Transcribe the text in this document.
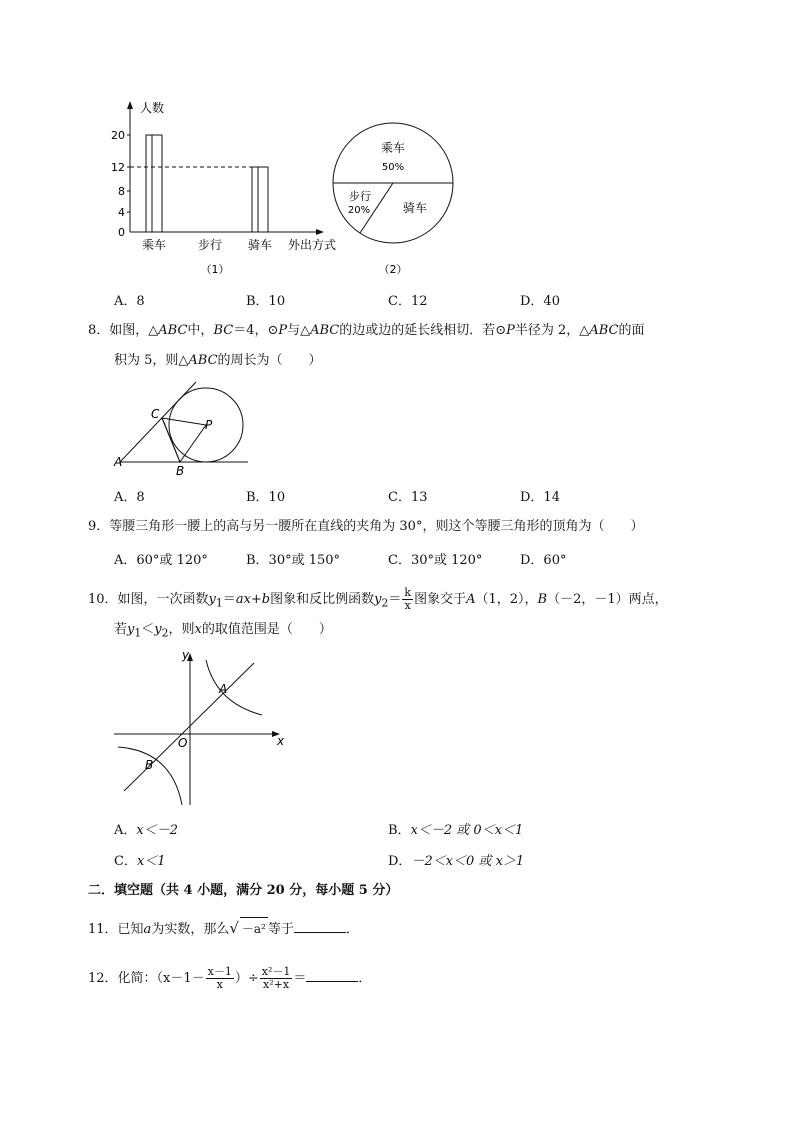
20
12
8
4
0
人数
乘车	步行 骑车 外出方式
（1）
乘车
50%
步行
20%	骑车
（2）
A．8	B．10	C．12	D．40
8．如图，△ABC中，BC＝4，⊙P与△ABC的边或边的延长线相切．若⊙P半径为 2，△ABC的面
积为 5，则△ABC的周长为（　　）
A
B
C
P
A．8	B．10	C．13	D．14
9．等腰三角形一腰上的高与另一腰所在直线的夹角为 30°，则这个等腰三角形的顶角为（　　）
A．60°或 120°	B．30°或 150°	C．30°或 120°	D．60°
10．如图，一次函数$y_1=ax+b$图象和反比例函数$y_2= \frac{k}{x}$ 图象交于A（1，2），B（－2，－1）两点，
若$y_1<y_2$，则x的取值范围是（　　）
y
x
O
A
B
A．x＜－2	B．x＜－2 或 0＜x＜1
C．x＜1	D．－2＜x＜0 或 x＞1
二．填空题（共 4 小题，满分 20 分，每小题 5 分）
11．已知a为实数，那么√ －a² 等于	．
12．化简：（$x-1- \frac{x-1}{x}$ ）÷ $\frac{\text{x²－1}}{\text{x²+x}}$ ＝	．
